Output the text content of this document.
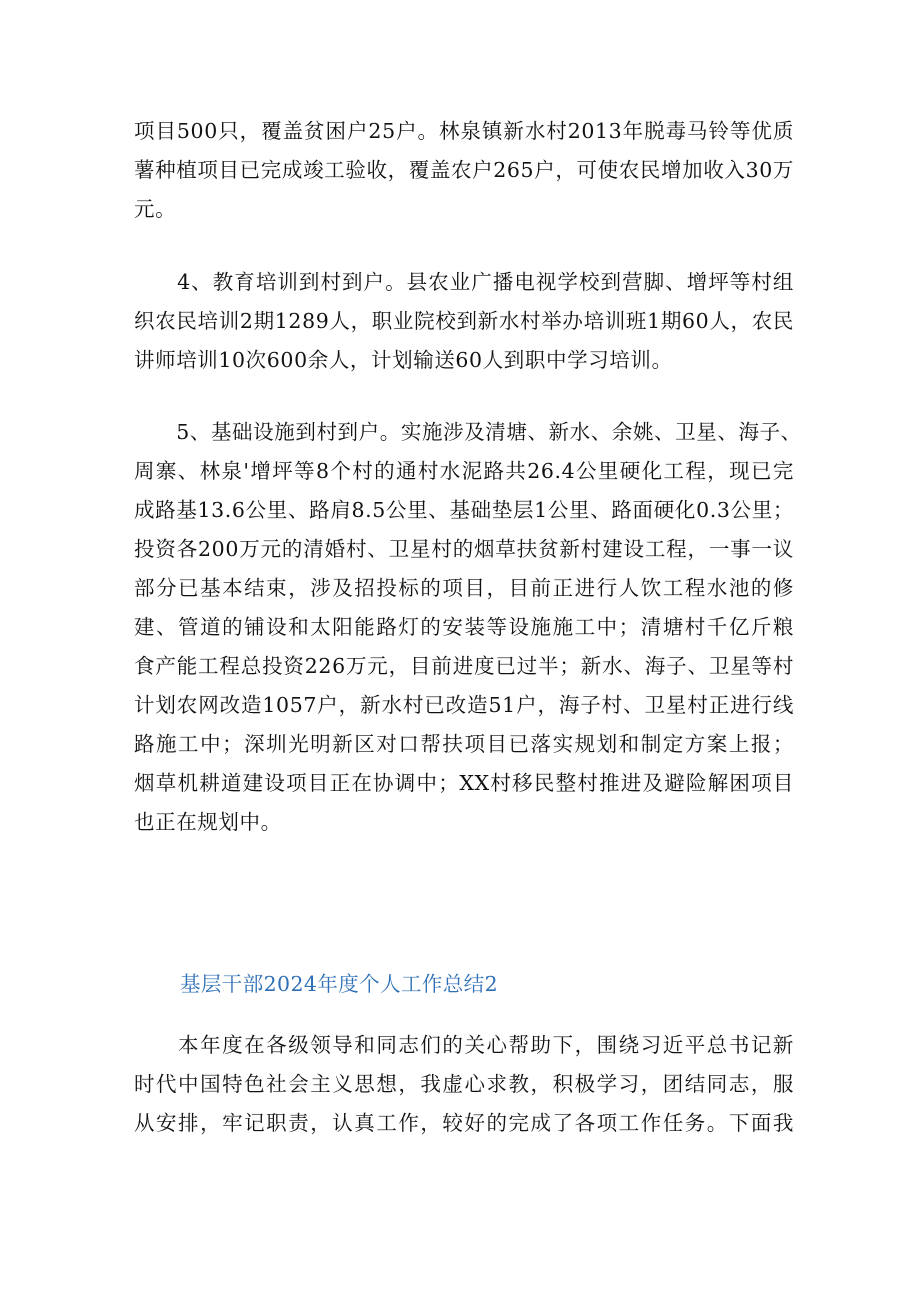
项目500只，覆盖贫困户25户。林泉镇新水村2013年脱毒马铃等优质
薯种植项目已完成竣工验收，覆盖农户265户，可使农民增加收入30万
元。
　　4、教育培训到村到户。县农业广播电视学校到营脚、增坪等村组
织农民培训2期1289人，职业院校到新水村举办培训班1期60人，农民
讲师培训10次600余人，计划输送60人到职中学习培训。
　　5、基础设施到村到户。实施涉及清塘、新水、余姚、卫星、海子、
周寨、林泉'增坪等8个村的通村水泥路共26.4公里硬化工程，现已完
成路基13.6公里、路肩8.5公里、基础垫层1公里、路面硬化0.3公里；
投资各200万元的清婚村、卫星村的烟草扶贫新村建设工程，一事一议
部分已基本结束，涉及招投标的项目，目前正进行人饮工程水池的修
建、管道的铺设和太阳能路灯的安装等设施施工中；清塘村千亿斤粮
食产能工程总投资226万元，目前进度已过半；新水、海子、卫星等村
计划农网改造1057户，新水村已改造51户，海子村、卫星村正进行线
路施工中；深圳光明新区对口帮扶项目已落实规划和制定方案上报；
烟草机耕道建设项目正在协调中；XX村移民整村推进及避险解困项目
也正在规划中。
基层干部2024年度个人工作总结2
　　本年度在各级领导和同志们的关心帮助下，围绕习近平总书记新
时代中国特色社会主义思想，我虚心求教，积极学习，团结同志，服
从安排，牢记职责，认真工作，较好的完成了各项工作任务。下面我
